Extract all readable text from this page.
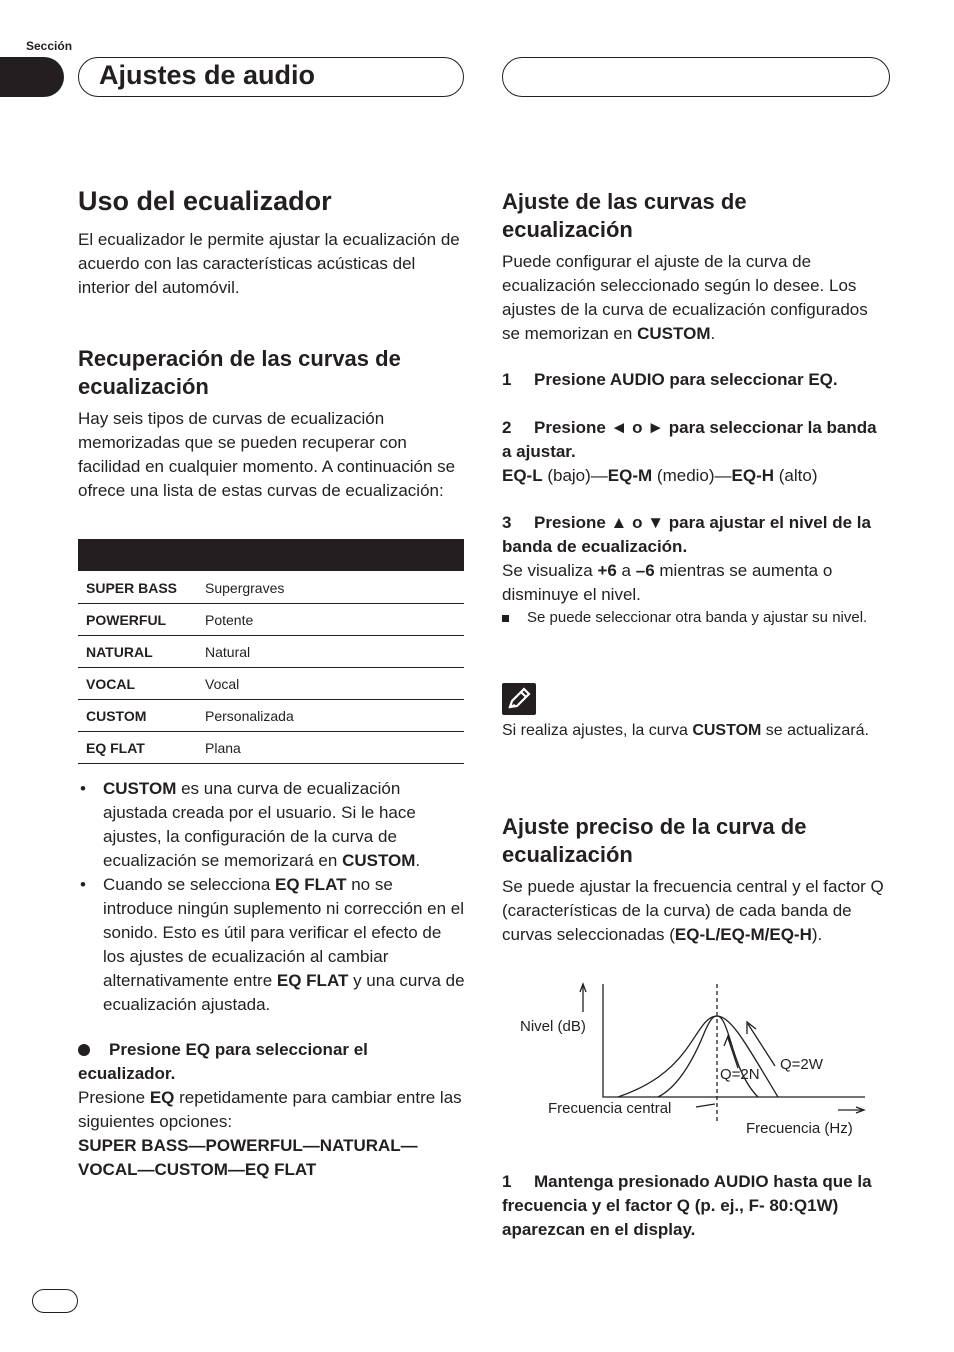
Sección
Ajustes de audio
Uso del ecualizador

El ecualizador le permite ajustar la ecualización de acuerdo con las características acústicas del interior del automóvil.

Recuperación de las curvas de ecualización

Hay seis tipos de curvas de ecualización memorizadas que se pueden recuperar con facilidad en cualquier momento. A continuación se ofrece una lista de estas curvas de ecualización:

SUPER BASS	Supergraves
POWERFUL	Potente
NATURAL	Natural
VOCAL	Vocal
CUSTOM	Personalizada
EQ FLAT	Plana
• CUSTOM es una curva de ecualización ajustada creada por el usuario. Si le hace ajustes, la configuración de la curva de ecualización se memorizará en CUSTOM.
• Cuando se selecciona EQ FLAT no se introduce ningún suplemento ni corrección en el sonido. Esto es útil para verificar el efecto de los ajustes de ecualización al cambiar alternativamente entre EQ FLAT y una curva de ecualización ajustada.
Presione EQ para seleccionar el ecualizador.
Presione EQ repetidamente para cambiar entre las siguientes opciones:
SUPER BASS—POWERFUL—NATURAL—
VOCAL—CUSTOM—EQ FLAT
Ajuste de las curvas de ecualización

Puede configurar el ajuste de la curva de ecualización seleccionado según lo desee. Los ajustes de la curva de ecualización configurados se memorizan en CUSTOM.

1 Presione AUDIO para seleccionar EQ.
2 Presione ◄ o ► para seleccionar la banda a ajustar.
EQ-L (bajo)—EQ-M (medio)—EQ-H (alto)
3 Presione ▲ o ▼ para ajustar el nivel de la banda de ecualización.
Se visualiza +6 a –6 mientras se aumenta o disminuye el nivel.
Se puede seleccionar otra banda y ajustar su nivel.

Si realiza ajustes, la curva CUSTOM se actualizará.

Ajuste preciso de la curva de ecualización

Se puede ajustar la frecuencia central y el factor Q (características de la curva) de cada banda de curvas seleccionadas (EQ-L/EQ-M/EQ-H).

Nivel (dB)
Q=2N
Q=2W
Frecuencia central
Frecuencia (Hz)
1 Mantenga presionado AUDIO hasta que la frecuencia y el factor Q (p. ej., F- 80:Q1W) aparezcan en el display.
